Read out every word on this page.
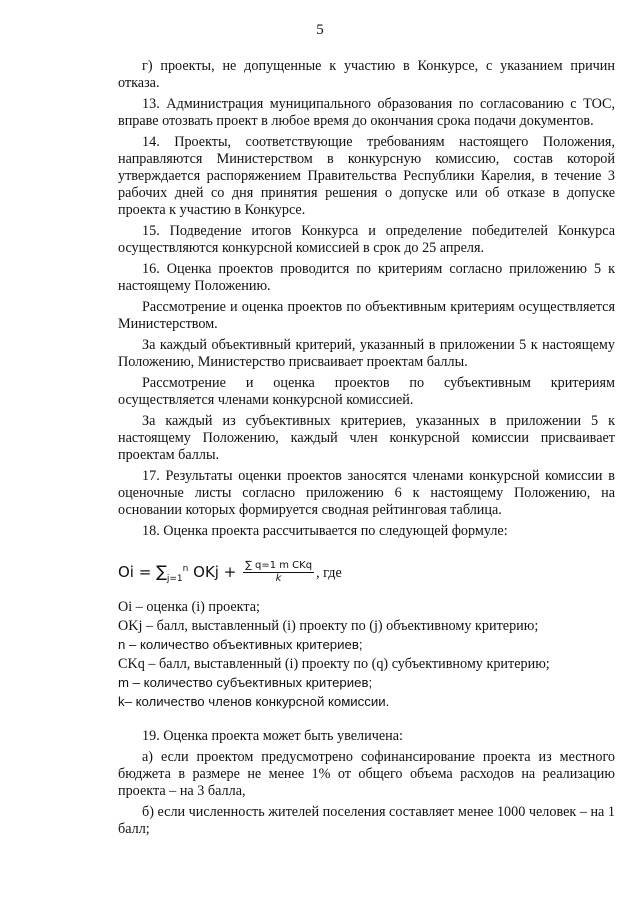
5

г) проекты, не допущенные к участию в Конкурсе, с указанием причин отказа.

13. Администрация муниципального образования по согласованию с ТОС, вправе отозвать проект в любое время до окончания срока подачи документов.

14. Проекты, соответствующие требованиям настоящего Положения, направляются Министерством в конкурсную комиссию, состав которой утверждается распоряжением Правительства Республики Карелия, в течение 3 рабочих дней со дня принятия решения о допуске или об отказе в допуске проекта к участию в Конкурсе.

15. Подведение итогов Конкурса и определение победителей Конкурса осуществляются конкурсной комиссией в срок до 25 апреля.

16. Оценка проектов проводится по критериям согласно приложению 5 к настоящему Положению.

Рассмотрение и оценка проектов по объективным критериям осуществляется Министерством.

За каждый объективный критерий, указанный в приложении 5 к настоящему Положению, Министерство присваивает проектам баллы.

Рассмотрение и оценка проектов по субъективным критериям осуществляется членами конкурсной комиссией.

За каждый из субъективных критериев, указанных в приложении 5 к настоящему Положению, каждый член конкурсной комиссии присваивает проектам баллы.

17. Результаты оценки проектов заносятся членами конкурсной комиссии в оценочные листы согласно приложению 6 к настоящему Положению, на основании которых формируется сводная рейтинговая таблица.

18. Оценка проекта рассчитывается по следующей формуле:

$Oi = \sum_{j=1}^n$ OKj + $\frac{\text{∑ q=1 m CKq}}{k}$ , где
Oi – оценка (i) проекта;
OKj – балл, выставленный (i) проекту по (j) объективному критерию;
n – количество объективных критериев;
CKq – балл, выставленный (i) проекту по (q) субъективному критерию;
m – количество субъективных критериев;
k– количество членов конкурсной комиссии.

19. Оценка проекта может быть увеличена:

а) если проектом предусмотрено софинансирование проекта из местного бюджета в размере не менее 1% от общего объема расходов на реализацию проекта – на 3 балла,

б) если численность жителей поселения составляет менее 1000 человек – на 1 балл;
